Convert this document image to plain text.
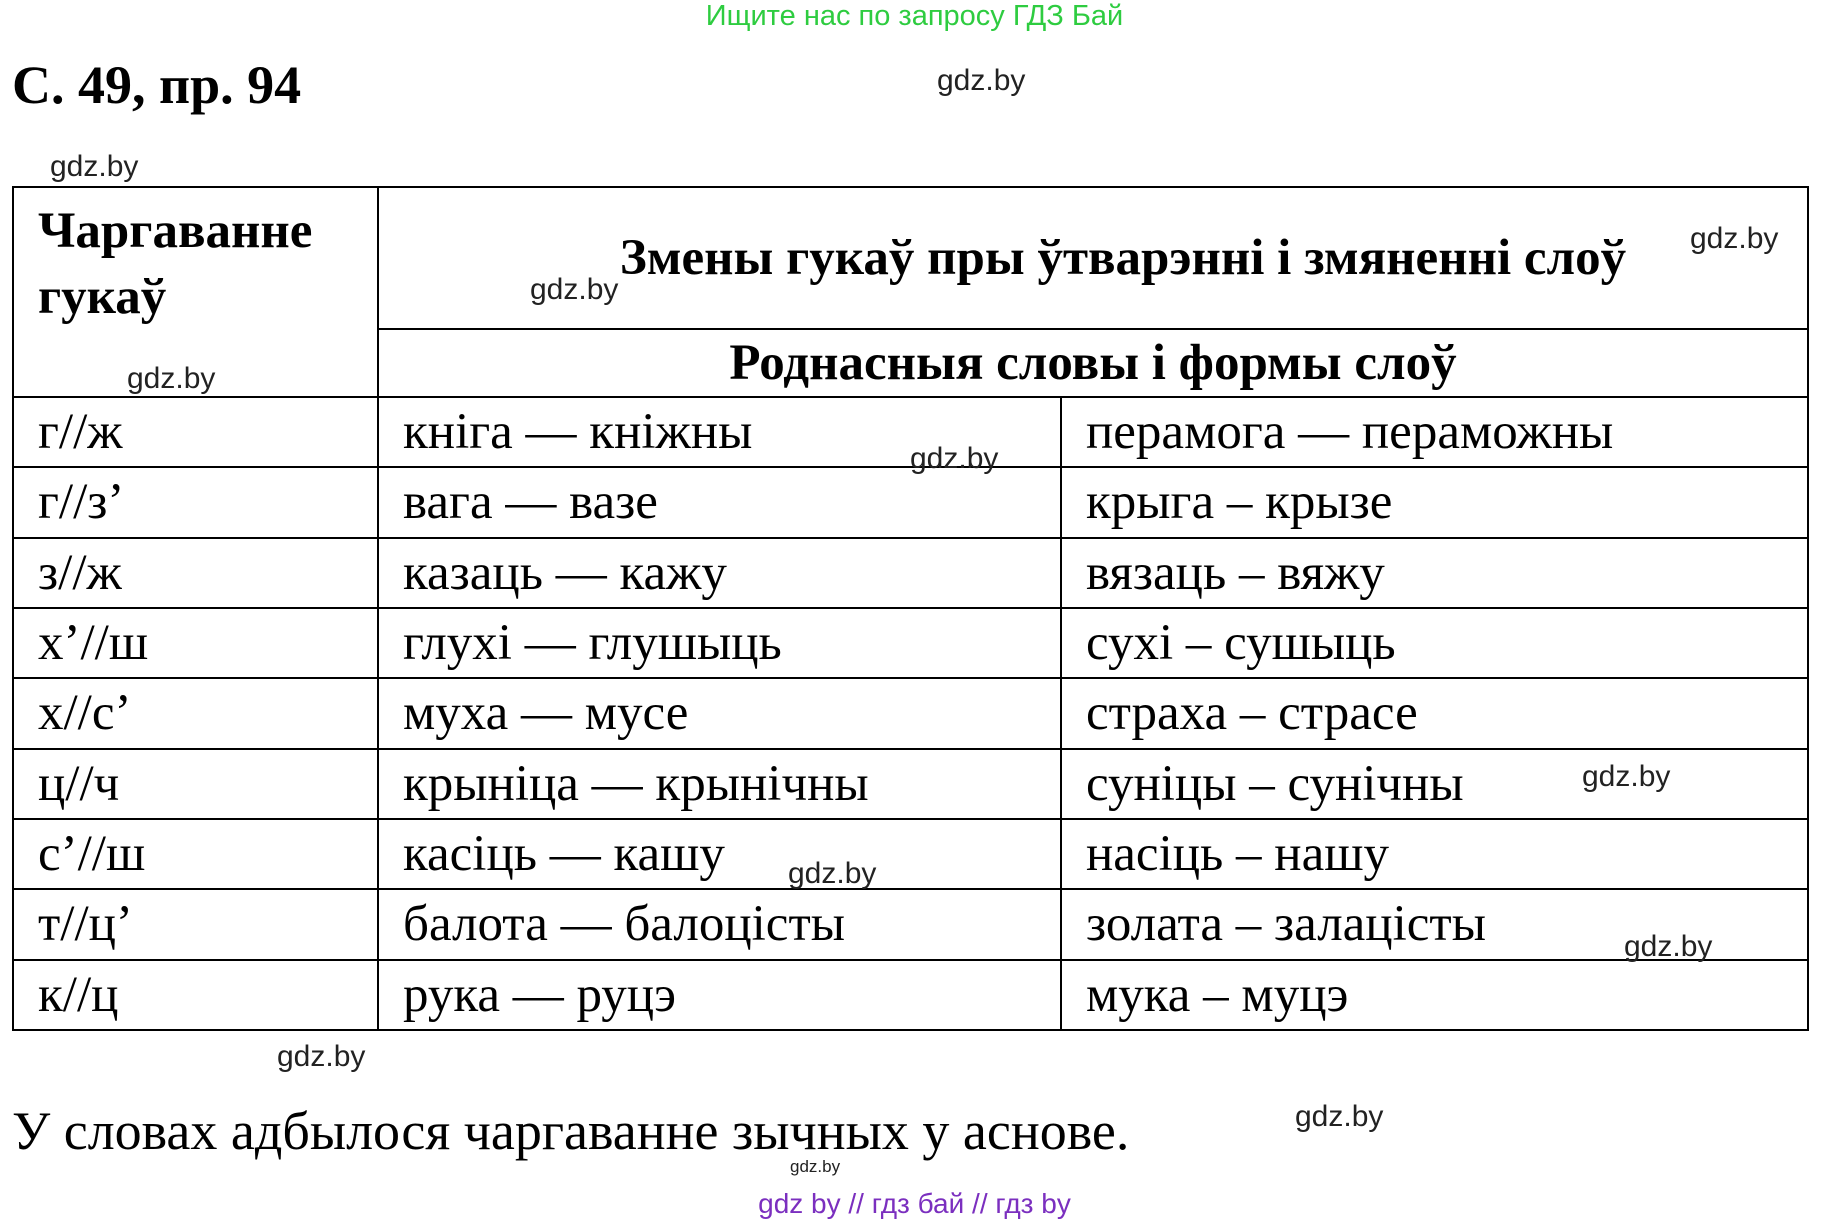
Ищите нас по запросу ГДЗ Бай
С. 49, пр. 94
Чаргаванне гукаў	Змены гукаў пры ўтварэнні і змяненні слоў	
	Роднасныя словы і формы слоў	
г//ж	кніга — кніжны	перамога — пераможны
г//з’	вага — вазе	крыга – крызе
з//ж	казаць — кажу	вязаць – вяжу
х’//ш	глухі — глушыць	сухі – сушыць
х//с’	муха — мусе	страха – страсе
ц//ч	крыніца — крынічны	суніцы – сунічны
с’//ш	касіць — кашу	насіць – нашу
т//ц’	балота — балоцісты	золата – залацісты
к//ц	рука — руцэ	мука – муцэ

У словах адбылося чаргаванне зычных у аснове.

gdz.by
gdz.by
gdz.by
gdz.by
gdz.by
gdz.by
gdz.by
gdz.by
gdz.by
gdz.by
gdz.by
gdz.by
gdz by // гдз бай // гдз by
